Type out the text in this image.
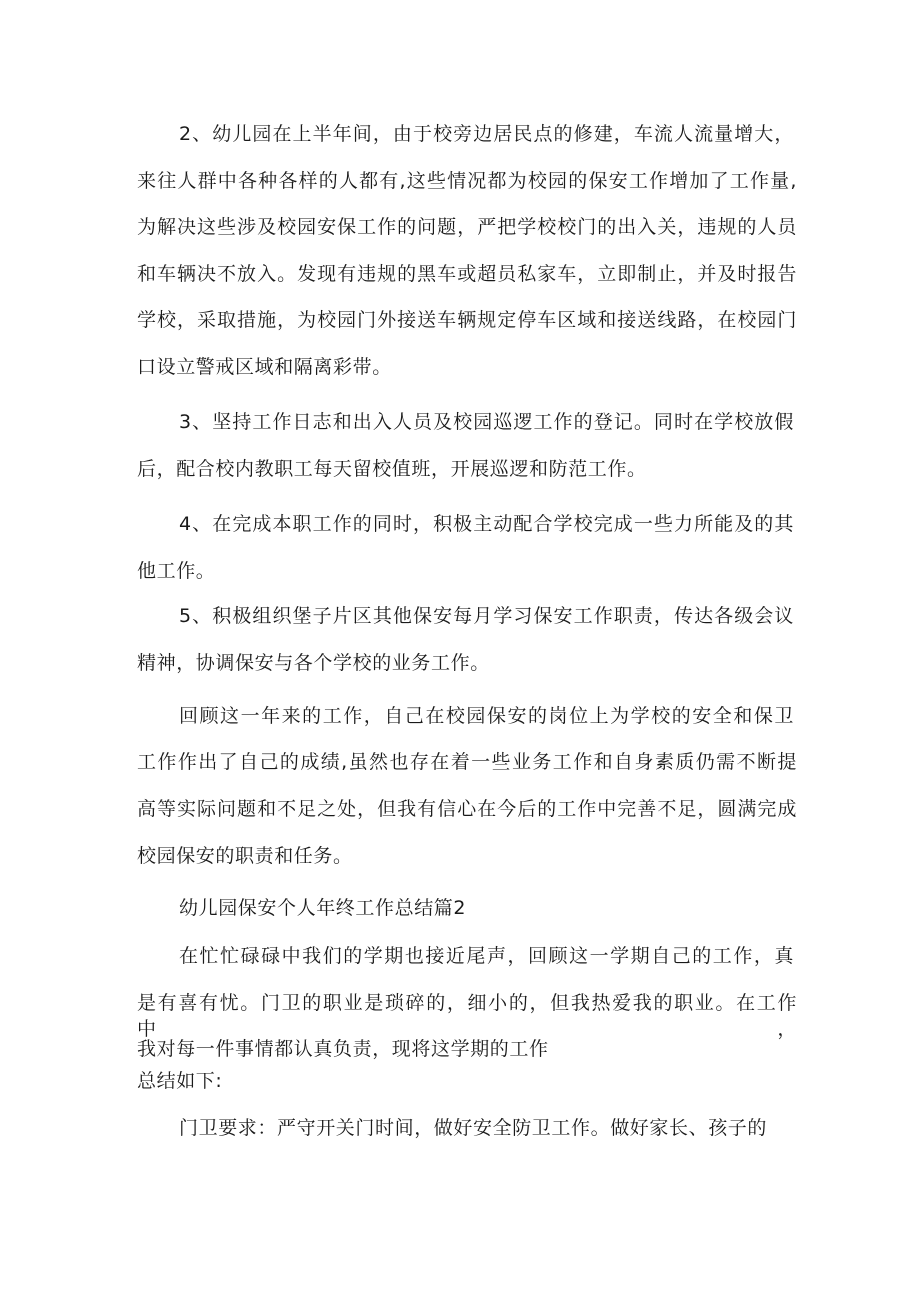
2、幼儿园在上半年间，由于校旁边居民点的修建，车流人流量增大，
来往人群中各种各样的人都有,这些情况都为校园的保安工作增加了工作量,
为解决这些涉及校园安保工作的问题，严把学校校门的出入关，违规的人员
和车辆决不放入。发现有违规的黑车或超员私家车，立即制止，并及时报告
学校，采取措施，为校园门外接送车辆规定停车区域和接送线路，在校园门
口设立警戒区域和隔离彩带。
3、坚持工作日志和出入人员及校园巡逻工作的登记。同时在学校放假
后，配合校内教职工每天留校值班，开展巡逻和防范工作。
4、在完成本职工作的同时，积极主动配合学校完成一些力所能及的其
他工作。
5、积极组织堡子片区其他保安每月学习保安工作职责，传达各级会议
精神，协调保安与各个学校的业务工作。
回顾这一年来的工作，自己在校园保安的岗位上为学校的安全和保卫
工作作出了自己的成绩,虽然也存在着一些业务工作和自身素质仍需不断提
高等实际问题和不足之处，但我有信心在今后的工作中完善不足，圆满完成
校园保安的职责和任务。
幼儿园保安个人年终工作总结篇2
在忙忙碌碌中我们的学期也接近尾声，回顾这一学期自己的工作，真
是有喜有忧。门卫的职业是琐碎的，细小的，但我热爱我的职业。在工作中，
我对每一件事情都认真负责，现将这学期的工作
总结如下:
门卫要求：严守开关门时间，做好安全防卫工作。做好家长、孩子的
